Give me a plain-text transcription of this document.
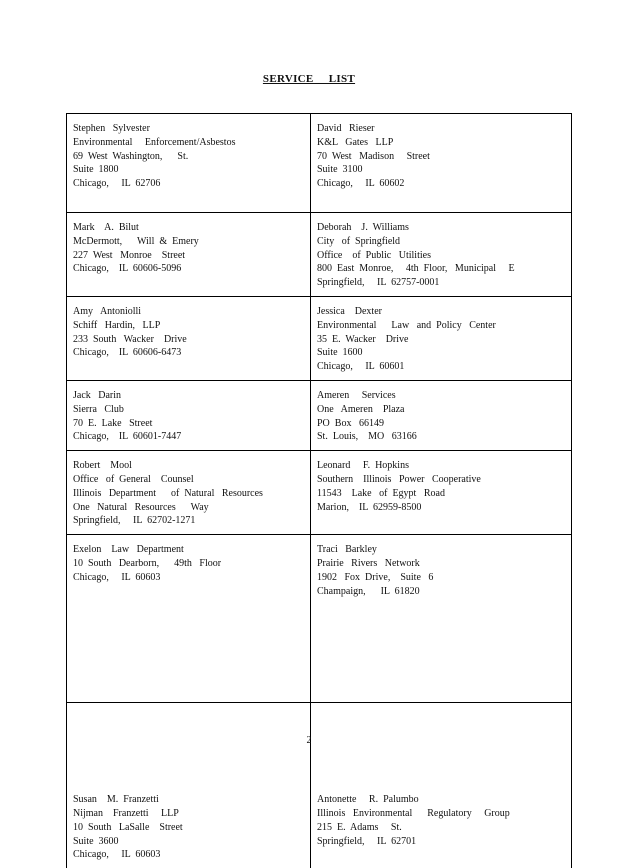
SERVICE     LIST
Stephen   Sylvester
Environmental     Enforcement/Asbestos
69  West  Washington,      St.
Suite  1800
Chicago,     IL  62706	David   Rieser
K&L   Gates   LLP
70  West   Madison     Street
Suite  3100
Chicago,     IL  60602

Mark    A.  Bilut
McDermott,      Will  &  Emery
227  West   Monroe    Street
Chicago,    IL  60606-5096	Deborah    J.  Williams
City   of  Springfield
Office    of  Public   Utilities
800  East  Monroe,     4th  Floor,   Municipal     E
Springfield,     IL  62757-0001

Amy   Antoniolli
Schiff   Hardin,   LLP
233  South   Wacker    Drive
Chicago,    IL  60606-6473	Jessica    Dexter
Environmental      Law   and  Policy   Center
35  E.  Wacker    Drive
Suite  1600
Chicago,     IL  60601

Jack   Darin
Sierra   Club
70  E.  Lake   Street
Chicago,    IL  60601-7447	Ameren     Services
One   Ameren    Plaza
PO  Box   66149
St.  Louis,    MO   63166

Robert    Mool
Office   of  General    Counsel
Illinois   Department      of  Natural   Resources
One   Natural   Resources      Way
Springfield,     IL  62702-1271	Leonard     F.  Hopkins
Southern    Illinois   Power   Cooperative
11543    Lake   of  Egypt   Road
Marion,    IL  62959-8500

Exelon    Law   Department
10  South   Dearborn,      49th   Floor
Chicago,     IL  60603	Traci   Barkley
Prairie   Rivers   Network
1902   Fox  Drive,    Suite   6
Champaign,      IL  61820

Susan    M.  Franzetti
Nijman    Franzetti     LLP
10  South   LaSalle    Street
Suite  3600
Chicago,     IL  60603	Antonette     R.  Palumbo
Illinois   Environmental      Regulatory     Group
215  E.  Adams     St.
Springfield,     IL  62701
2
